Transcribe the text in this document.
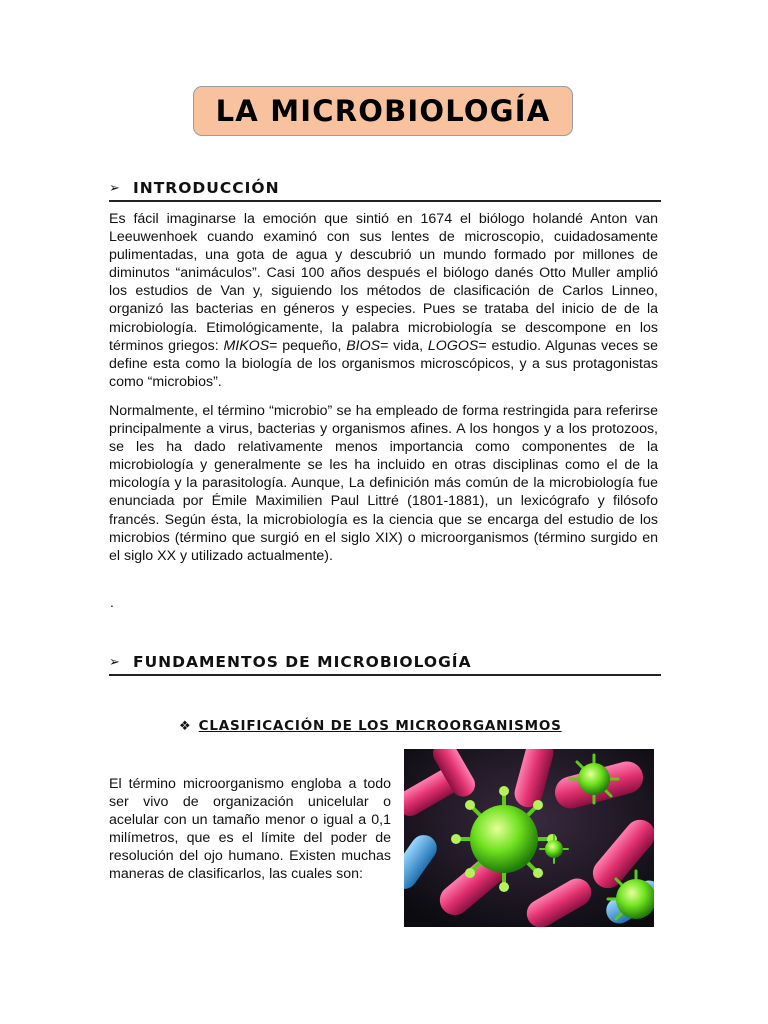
LA MICROBIOLOGÍA
➢ INTRODUCCIÓN

Es fácil imaginarse la emoción que sintió en 1674 el biólogo holandé Anton van Leeuwenhoek cuando examinó con sus lentes de microscopio, cuidadosamente pulimentadas, una gota de agua y descubrió un mundo formado por millones de diminutos “animáculos”. Casi 100 años después el biólogo danés Otto Muller amplió los estudios de Van y, siguiendo los métodos de clasificación de Carlos Linneo, organizó las bacterias en géneros y especies. Pues se trataba del inicio de de la microbiología. Etimológicamente, la palabra microbiología se descompone en los términos griegos: MIKOS= pequeño, BIOS= vida, LOGOS= estudio. Algunas veces se define esta como la biología de los organismos microscópicos, y a sus protagonistas como “microbios”.

Normalmente, el término “microbio” se ha empleado de forma restringida para referirse principalmente a virus, bacterias y organismos afines. A los hongos y a los protozoos, se les ha dado relativamente menos importancia como componentes de la microbiología y generalmente se les ha incluido en otras disciplinas como el de la micología y la parasitología. Aunque, La definición más común de la microbiología fue enunciada por Émile Maximilien Paul Littré (1801-1881), un lexicógrafo y filósofo francés. Según ésta, la microbiología es la ciencia que se encarga del estudio de los microbios (término que surgió en el siglo XIX) o microorganismos (término surgido en el siglo XX y utilizado actualmente).

.
➢ FUNDAMENTOS DE MICROBIOLOGÍA
❖ CLASIFICACIÓN DE LOS MICROORGANISMOS

El término microorganismo engloba a todo ser vivo de organización unicelular o acelular con un tamaño menor o igual a 0,1 milímetros, que es el límite del poder de resolución del ojo humano. Existen muchas maneras de clasificarlos, las cuales son:
